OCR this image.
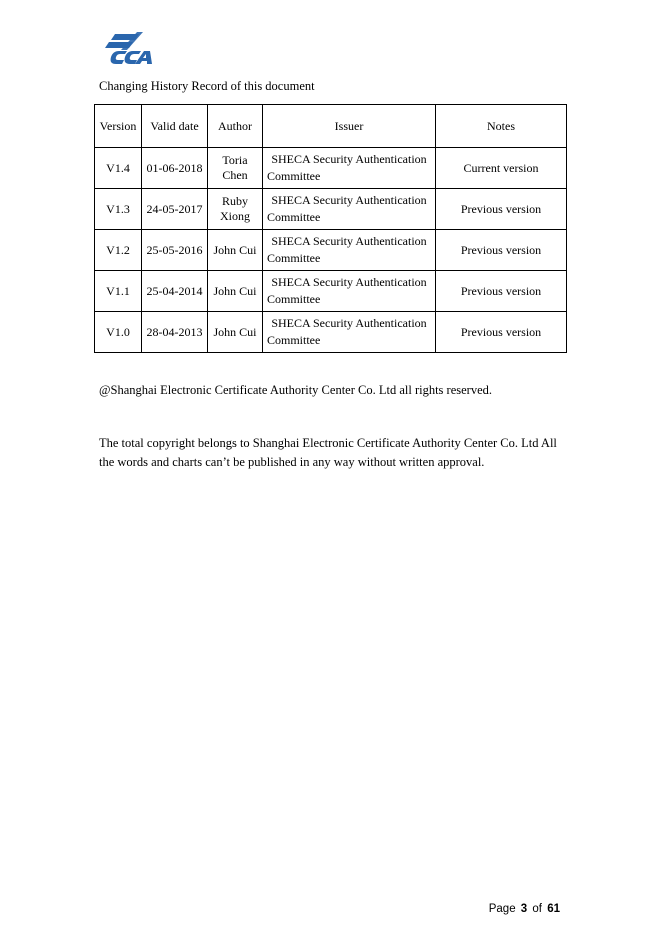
Changing History Record of this document
Version	Valid date	Author	Issuer	Notes
V1.4	01-06-2018	Toria Chen	SHECA Security Authentication Committee	Current version
V1.3	24-05-2017	Ruby Xiong	SHECA Security Authentication Committee	Previous version
V1.2	25-05-2016	John Cui	SHECA Security Authentication Committee	Previous version
V1.1	25-04-2014	John Cui	SHECA Security Authentication Committee	Previous version
V1.0	28-04-2013	John Cui	SHECA Security Authentication Committee	Previous version
@Shanghai Electronic Certificate Authority Center Co. Ltd all rights reserved.
The total copyright belongs to Shanghai Electronic Certificate Authority Center Co. Ltd All the words and charts can’t be published in any way without written approval.
Page 3 of 61
